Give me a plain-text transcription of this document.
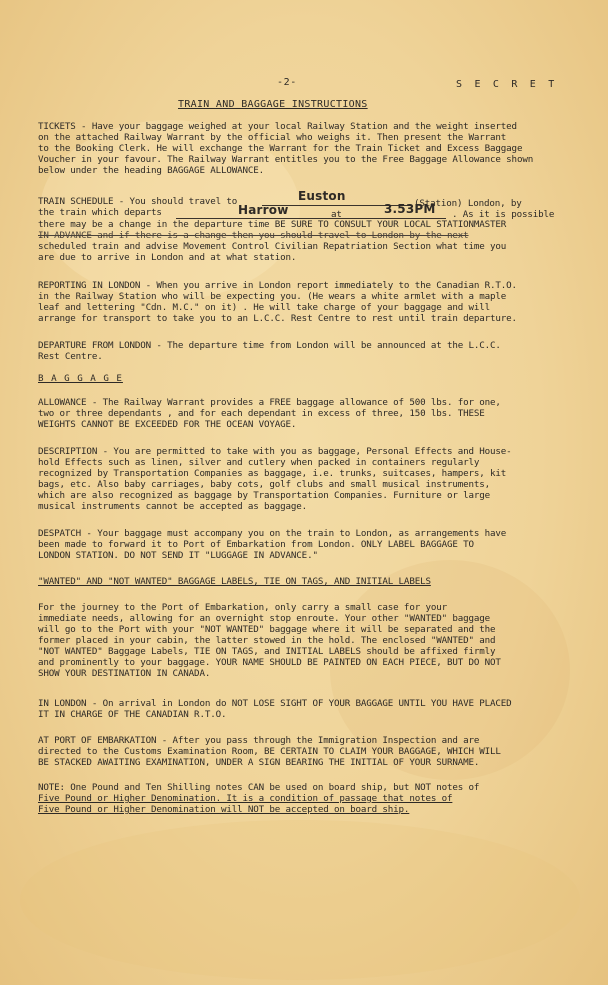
-2-	S E C R E T
TRAIN AND BAGGAGE INSTRUCTIONS
TICKETS - Have your baggage weighed at your local Railway Station and the weight inserted
on the attached Railway Warrant by the official who weighs it. Then present the Warrant
to the Booking Clerk. He will exchange the Warrant for the Train Ticket and Excess Baggage
Voucher in your favour. The Railway Warrant entitles you to the Free Baggage Allowance shown
below under the heading BAGGAGE ALLOWANCE.
TRAIN SCHEDULE - You should travel to	Euston
(Station) London, by
the train which departs	Harrow	at	3.53PM . As it is possible
there may be a change in the departure time BE SURE TO CONSULT YOUR LOCAL STATIONMASTER
IN ADVANCE and if there is a change then you should travel to London by the next
scheduled train and advise Movement Control Civilian Repatriation Section what time you
are due to arrive in London and at what station.
REPORTING IN LONDON - When you arrive in London report immediately to the Canadian R.T.O.
in the Railway Station who will be expecting you. (He wears a white armlet with a maple
leaf and lettering "Cdn. M.C." on it) . He will take charge of your baggage and will
arrange for transport to take you to an L.C.C. Rest Centre to rest until train departure.
DEPARTURE FROM LONDON - The departure time from London will be announced at the L.C.C.
Rest Centre.
B A G G A G E
ALLOWANCE - The Railway Warrant provides a FREE baggage allowance of 500 lbs. for one,
two or three dependants , and for each dependant in excess of three, 150 lbs. THESE
WEIGHTS CANNOT BE EXCEEDED FOR THE OCEAN VOYAGE.
DESCRIPTION - You are permitted to take with you as baggage, Personal Effects and House-
hold Effects such as linen, silver and cutlery when packed in containers regularly
recognized by Transportation Companies as baggage, i.e. trunks, suitcases, hampers, kit
bags, etc. Also baby carriages, baby cots, golf clubs and small musical instruments,
which are also recognized as baggage by Transportation Companies. Furniture or large
musical instruments cannot be accepted as baggage.
DESPATCH - Your baggage must accompany you on the train to London, as arrangements have
been made to forward it to Port of Embarkation from London. ONLY LABEL BAGGAGE TO
LONDON STATION. DO NOT SEND IT "LUGGAGE IN ADVANCE."
"WANTED" AND "NOT WANTED" BAGGAGE LABELS, TIE ON TAGS, AND INITIAL LABELS
For the journey to the Port of Embarkation, only carry a small case for your
immediate needs, allowing for an overnight stop enroute. Your other "WANTED" baggage
will go to the Port with your "NOT WANTED" baggage where it will be separated and the
former placed in your cabin, the latter stowed in the hold. The enclosed "WANTED" and
"NOT WANTED" Baggage Labels, TIE ON TAGS, and INITIAL LABELS should be affixed firmly
and prominently to your baggage. YOUR NAME SHOULD BE PAINTED ON EACH PIECE, BUT DO NOT
SHOW YOUR DESTINATION IN CANADA.
IN LONDON - On arrival in London do NOT LOSE SIGHT OF YOUR BAGGAGE UNTIL YOU HAVE PLACED
IT IN CHARGE OF THE CANADIAN R.T.O.
AT PORT OF EMBARKATION - After you pass through the Immigration Inspection and are
directed to the Customs Examination Room, BE CERTAIN TO CLAIM YOUR BAGGAGE, WHICH WILL
BE STACKED AWAITING EXAMINATION, UNDER A SIGN BEARING THE INITIAL OF YOUR SURNAME.
NOTE: One Pound and Ten Shilling notes CAN be used on board ship, but NOT notes of
Five Pound or Higher Denomination. It is a condition of passage that notes of
Five Pound or Higher Denomination will NOT be accepted on board ship.
